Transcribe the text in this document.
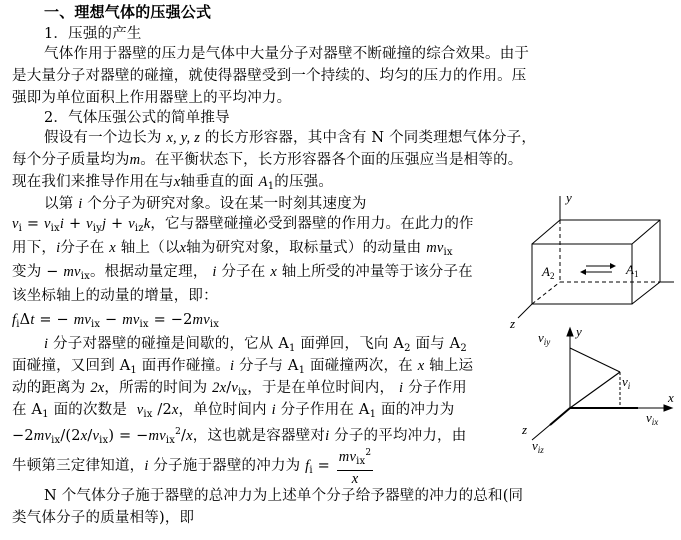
一、理想气体的压强公式
1．压强的产生
气体作用于器壁的压力是气体中大量分子对器壁不断碰撞的综合效果。由于
是大量分子对器壁的碰撞，就使得器壁受到一个持续的、均匀的压力的作用。压
强即为单位面积上作用器壁上的平均冲力。
2．气体压强公式的简单推导
假设有一个边长为 x, y, z 的长方形容器，其中含有 N 个同类理想气体分子，
每个分子质量均为m。在平衡状态下，长方形容器各个面的压强应当是相等的。
现在我们来推导作用在与x轴垂直的面 $A_1$的压强。
以第 i 个分子为研究对象。设在某一时刻其速度为
$v_i = v_{ix}i + v_{iy}j + v_{iz}k$，它与器壁碰撞必受到器壁的作用力。在此力的作
用下，i分子在 x 轴上（以x轴为研究对象，取标量式）的动量由 $mv_{ix}$
变为 − $mv_{ix}$。根据动量定理， i 分子在 x 轴上所受的冲量等于该分子在
该坐标轴上的动量的增量，即：
$f_i\Delta t$ = − $mv_{ix} - mv_{ix} = -2mv_{ix}$
i 分子对器壁的碰撞是间歇的，它从 $A_1$ 面弹回，飞向 $A_2$ 面与 $A_2$
面碰撞，又回到 $A_1$ 面再作碰撞。i 分子与 $A_1$ 面碰撞两次，在 x 轴上运
动的距离为 2x，所需的时间为 $2x/v_{ix}$，于是在单位时间内， i 分子作用
在 $A_1$ 面的次数是 $v_{ix}$ /2x，单位时间内 i 分子作用在 $A_1$ 面的冲力为
$-2mv_{ix}/(2x/v_{ix}) = -mv_{ix}^2/x$，这也就是容器壁对i 分子的平均冲力，由
牛顿第三定律知道，i 分子施于器壁的冲力为 $f_i = \frac{mv_{ix}^2}{x}$
N 个气体分子施于器壁的总冲力为上述单个分子给予器壁的冲力的总和(同
类气体分子的质量相等)，即
y
z
$A_2$	$A_1$
y
$v_{iy}$
$v_i$
x
$v_{ix}$
z
$v_{iz}$
